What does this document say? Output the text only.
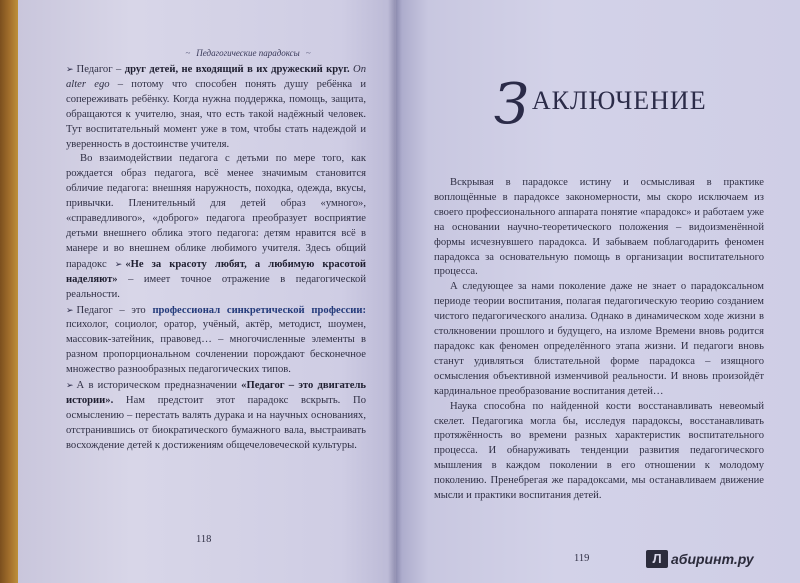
~ Педагогические парадоксы ~

➢ Педагог – друг детей, не входящий в их дружеский круг. On alter ego – потому что способен понять душу ребёнка и сопереживать ребёнку. Когда нужна поддержка, помощь, защита, обращаются к учителю, зная, что есть такой надёжный человек. Тут воспитательный момент уже в том, чтобы стать надеждой и уверенность в достоинстве учителя.

Во взаимодействии педагога с детьми по мере того, как рождается образ педагога, всё менее значимым становится обличие педагога: внешняя наружность, походка, одежда, вкусы, привычки. Пленительный для детей образ «умного», «справедливого», «доброго» педагога преобразует восприятие детьми внешнего облика этого педагога: детям нравится всё в манере и во внешнем облике любимого учителя. Здесь общий парадокс ➢ «Не за красоту любят, а любимую красотой наделяют» – имеет точное отражение в педагогической реальности.

➢ Педагог – это профессионал синкретической профессии: психолог, социолог, оратор, учёный, актёр, методист, шоумен, массовик-затейник, правовед… – многочисленные элементы в разном пропорциональном сочленении порождают бесконечное множество разнообразных педагогических типов.

➢ А в историческом предназначении «Педагог – это двигатель истории». Нам предстоит этот парадокс вскрыть. По осмыслению – перестать валять дурака и на научных основаниях, отстранившись от биократического бумажного вала, выстраивать восхождение детей к достижениям общечеловеческой культуры.

118
ЗАКЛЮЧЕНИЕ

Вскрывая в парадоксе истину и осмысливая в практике воплощённые в парадоксе закономерности, мы скоро исключаем из своего профессионального аппарата понятие «парадокс» и работаем уже на основании научно-теоретического положения – видоизменённой формы исчезнувшего парадокса. И забываем поблагодарить феномен парадокса за основательную помощь в организации воспитательного процесса.

А следующее за нами поколение даже не знает о парадоксальном периоде теории воспитания, полагая педагогическую теорию созданием чистого педагогического анализа. Однако в динамическом ходе жизни в столкновении прошлого и будущего, на изломе Времени вновь родится парадокс как феномен определённого этапа жизни. И педагоги вновь станут удивляться блистательной форме парадокса – изящного осмысления объективной изменчивой реальности. И вновь произойдёт кардинальное преобразование воспитания детей…

Наука способна по найденной кости восстанавливать невеомый скелет. Педагогика могла бы, исследуя парадоксы, восстанавливать протяжённость во времени разных характеристик воспитательного процесса. И обнаруживать тенденции развития педагогического мышления в каждом поколении в его отношении к молодому поколению. Пренебрегая же парадоксами, мы останавливаем движение мысли и практики воспитания детей.

119	Л абиринт.ру
